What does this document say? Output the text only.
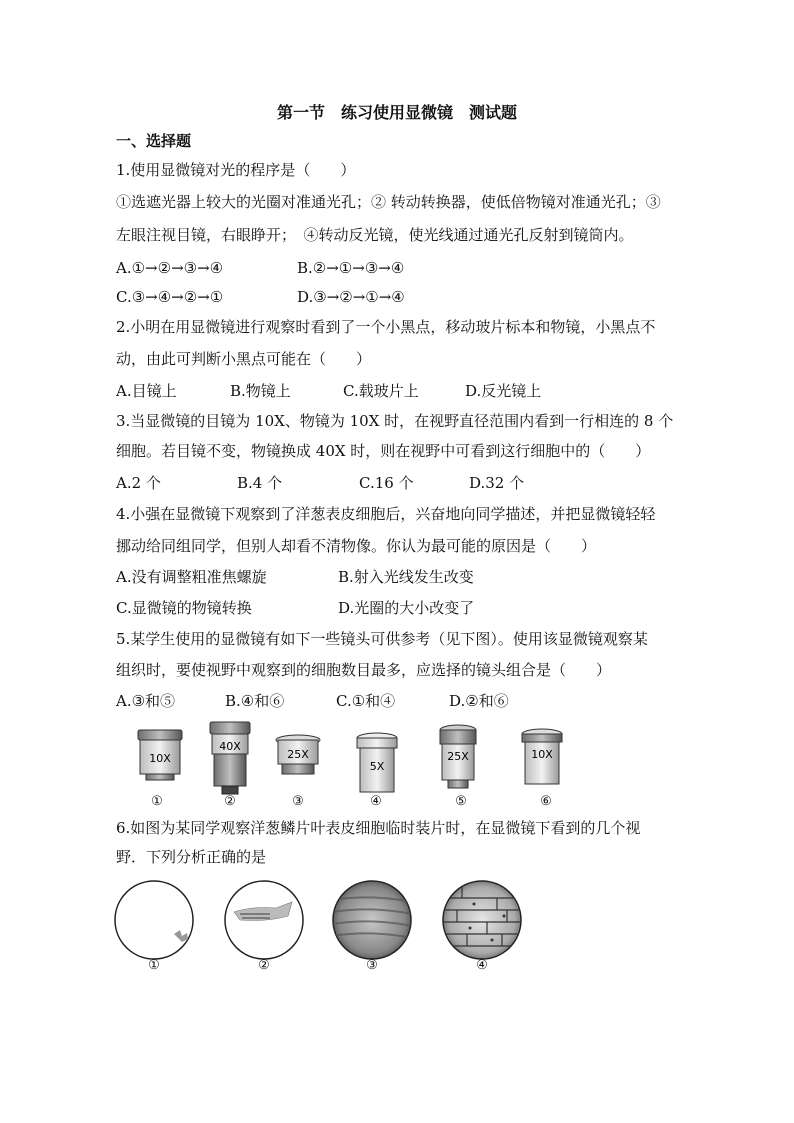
第一节　练习使用显微镜　测试题
一、选择题
1.使用显微镜对光的程序是（　　）
①选遮光器上较大的光圈对准通光孔；② 转动转换器，使低倍物镜对准通光孔；③
左眼注视目镜，右眼睁开；　④转动反光镜，使光线通过通光孔反射到镜筒内。
A.①→②→③→④	B.②→①→③→④
C.③→④→②→①	D.③→②→①→④
2.小明在用显微镜进行观察时看到了一个小黑点，移动玻片标本和物镜，小黑点不
动，由此可判断小黑点可能在（　　）
A.目镜上	B.物镜上	C.载玻片上	D.反光镜上
3.当显微镜的目镜为 10X、物镜为 10X 时，在视野直径范围内看到一行相连的 8 个
细胞。若目镜不变，物镜换成 40X 时，则在视野中可看到这行细胞中的（　　）
A.2 个	B.4 个	C.16 个	D.32 个
4.小强在显微镜下观察到了洋葱表皮细胞后，兴奋地向同学描述，并把显微镜轻轻
挪动给同组同学，但别人却看不清物像。你认为最可能的原因是（　　）
A.没有调整粗准焦螺旋	B.射入光线发生改变
C.显微镜的物镜转换	D.光圈的大小改变了
5.某学生使用的显微镜有如下一些镜头可供参考（见下图）。使用该显微镜观察某
组织时，要使视野中观察到的细胞数目最多，应选择的镜头组合是（　　）
A.③和⑤	B.④和⑥	C.①和④	D.②和⑥
10X
40X
25X
5X
25X	10X
①	②	③	④	⑤	⑥
6.如图为某同学观察洋葱鳞片叶表皮细胞临时装片时，在显微镜下看到的几个视
野．下列分析正确的是
①	②	③	④
